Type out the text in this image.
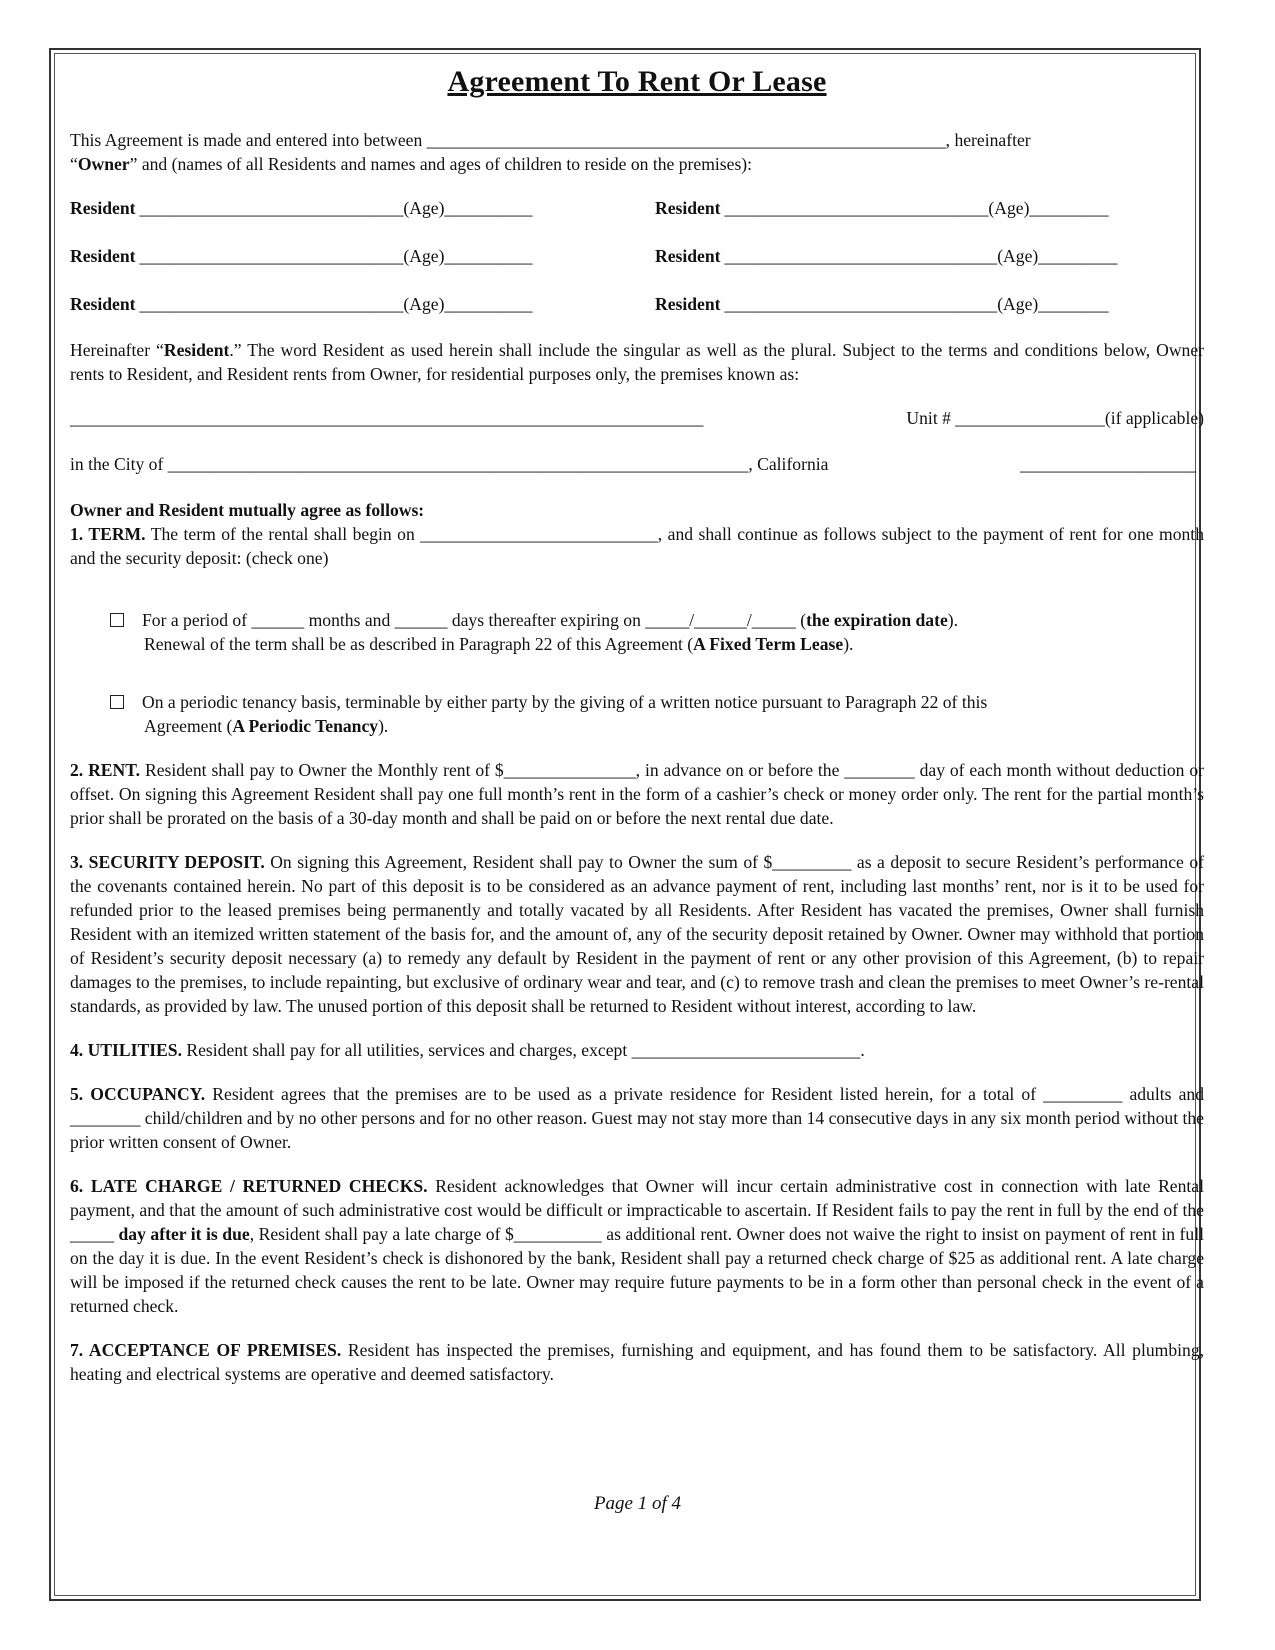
Agreement To Rent Or Lease

This Agreement is made and entered into between ___________________________________________________________, hereinafter

“Owner” and (names of all Residents and names and ages of children to reside on the premises):

Resident ______________________________(Age)__________	Resident ______________________________(Age)_________
Resident ______________________________(Age)__________	Resident _______________________________(Age)_________
Resident ______________________________(Age)__________	Resident _______________________________(Age)________

Hereinafter “Resident.” The word Resident as used herein shall include the singular as well as the plural. Subject to the terms and conditions below, Owner rents to Resident, and Resident rents from Owner, for residential purposes only, the premises known as:

________________________________________________________________________	Unit # _________________(if applicable)
in the City of __________________________________________________________________, California	____________________

Owner and Resident mutually agree as follows:

1. TERM. The term of the rental shall begin on ___________________________, and shall continue as follows subject to the payment of rent for one month and the security deposit: (check one)

For a period of ______ months and ______ days thereafter expiring on _____/______/_____ (the expiration date).

Renewal of the term shall be as described in Paragraph 22 of this Agreement (A Fixed Term Lease).

On a periodic tenancy basis, terminable by either party by the giving of a written notice pursuant to Paragraph 22 of this

Agreement (A Periodic Tenancy).

2. RENT. Resident shall pay to Owner the Monthly rent of $_______________, in advance on or before the ________ day of each month without deduction or offset. On signing this Agreement Resident shall pay one full month’s rent in the form of a cashier’s check or money order only. The rent for the partial month’s prior shall be prorated on the basis of a 30-day month and shall be paid on or before the next rental due date.

3. SECURITY DEPOSIT. On signing this Agreement, Resident shall pay to Owner the sum of $_________ as a deposit to secure Resident’s performance of the covenants contained herein. No part of this deposit is to be considered as an advance payment of rent, including last months’ rent, nor is it to be used for refunded prior to the leased premises being permanently and totally vacated by all Residents. After Resident has vacated the premises, Owner shall furnish Resident with an itemized written statement of the basis for, and the amount of, any of the security deposit retained by Owner. Owner may withhold that portion of Resident’s security deposit necessary (a) to remedy any default by Resident in the payment of rent or any other provision of this Agreement, (b) to repair damages to the premises, to include repainting, but exclusive of ordinary wear and tear, and (c) to remove trash and clean the premises to meet Owner’s re-rental standards, as provided by law. The unused portion of this deposit shall be returned to Resident without interest, according to law.

4. UTILITIES. Resident shall pay for all utilities, services and charges, except __________________________.

5. OCCUPANCY. Resident agrees that the premises are to be used as a private residence for Resident listed herein, for a total of _________ adults and ________ child/children and by no other persons and for no other reason. Guest may not stay more than 14 consecutive days in any six month period without the prior written consent of Owner.

6. LATE CHARGE / RETURNED CHECKS. Resident acknowledges that Owner will incur certain administrative cost in connection with late Rental payment, and that the amount of such administrative cost would be difficult or impracticable to ascertain. If Resident fails to pay the rent in full by the end of the _____ day after it is due, Resident shall pay a late charge of $__________ as additional rent. Owner does not waive the right to insist on payment of rent in full on the day it is due. In the event Resident’s check is dishonored by the bank, Resident shall pay a returned check charge of $25 as additional rent. A late charge will be imposed if the returned check causes the rent to be late. Owner may require future payments to be in a form other than personal check in the event of a returned check.

7. ACCEPTANCE OF PREMISES. Resident has inspected the premises, furnishing and equipment, and has found them to be satisfactory. All plumbing, heating and electrical systems are operative and deemed satisfactory.

Page 1 of 4
